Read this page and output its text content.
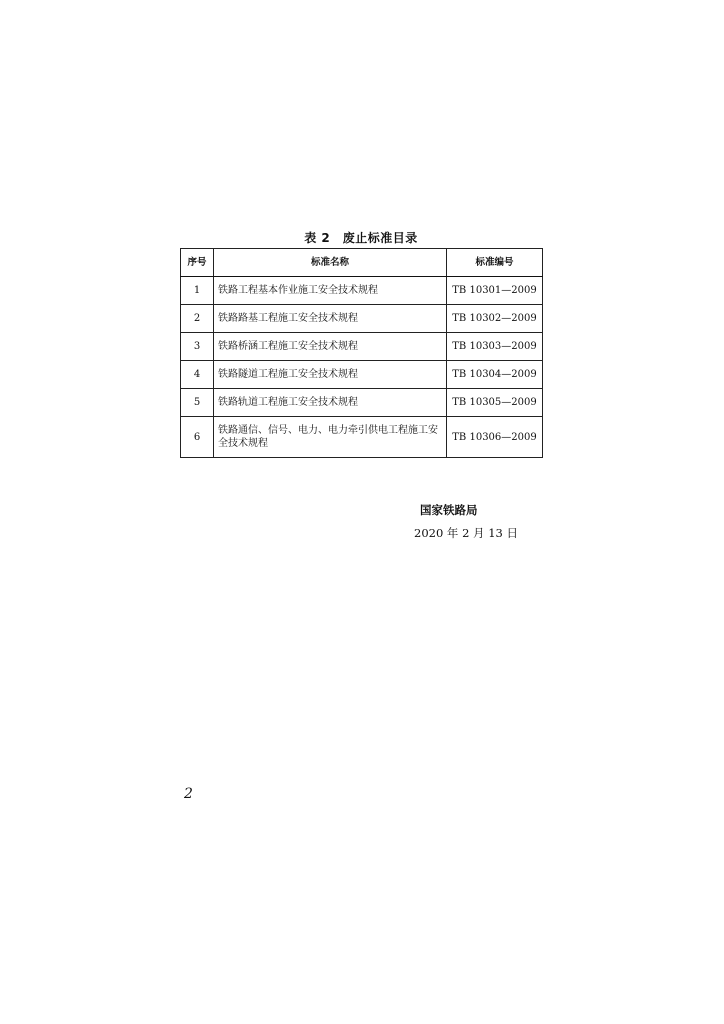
表 2　废止标准目录
序号	标准名称	标准编号
1	铁路工程基本作业施工安全技术规程	TB 10301—2009
2	铁路路基工程施工安全技术规程	TB 10302—2009
3	铁路桥涵工程施工安全技术规程	TB 10303—2009
4	铁路隧道工程施工安全技术规程	TB 10304—2009
5	铁路轨道工程施工安全技术规程	TB 10305—2009
6	铁路通信、信号、电力、电力牵引供电工程施工安全技术规程	TB 10306—2009
国家铁路局
2020 年 2 月 13 日
2
